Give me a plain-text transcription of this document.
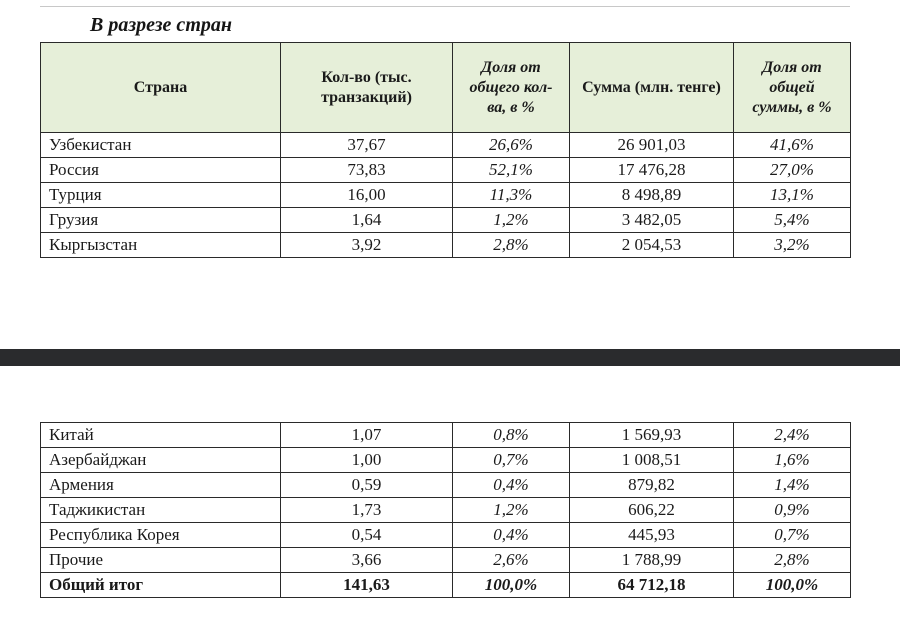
В разрезе стран
Страна	Кол-во (тыс. транзакций)	Доля от общего кол-ва, в %	Сумма (млн. тенге)	Доля от общей суммы, в %
Узбекистан	37,67	26,6%	26 901,03	41,6%
Россия	73,83	52,1%	17 476,28	27,0%
Турция	16,00	11,3%	8 498,89	13,1%
Грузия	1,64	1,2%	3 482,05	5,4%
Кыргызстан	3,92	2,8%	2 054,53	3,2%
Китай	1,07	0,8%	1 569,93	2,4%
Азербайджан	1,00	0,7%	1 008,51	1,6%
Армения	0,59	0,4%	879,82	1,4%
Таджикистан	1,73	1,2%	606,22	0,9%
Республика Корея	0,54	0,4%	445,93	0,7%
Прочие	3,66	2,6%	1 788,99	2,8%
Общий итог	141,63	100,0%	64 712,18	100,0%
